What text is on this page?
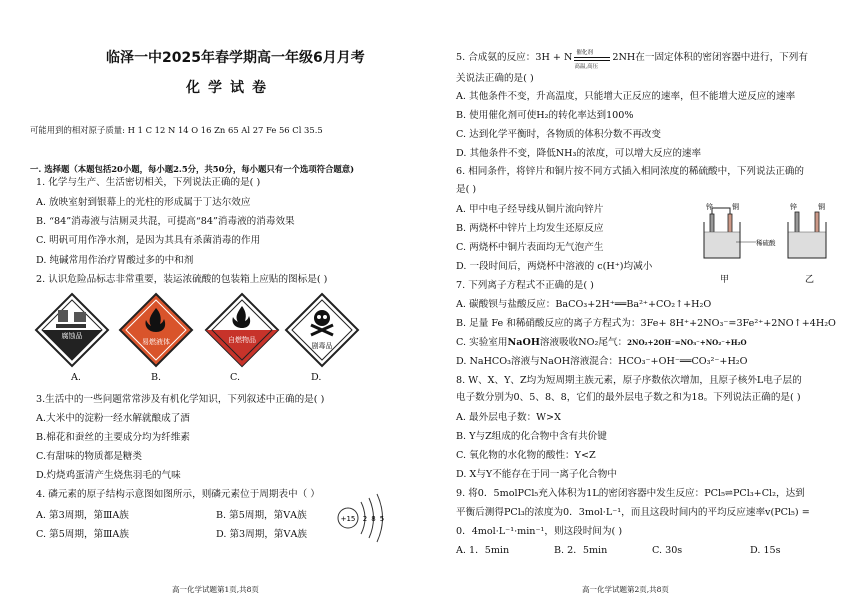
临泽一中2025年春学期高一年级6月月考
化学试卷
可能用到的相对原子质量: H 1 C 12 N 14 O 16 Zn 65 Al 27 Fe 56 Cl 35.5
一. 选择题（本题包括20小题，每小题2.5分，共50分，每小题只有一个选项符合题意)
1. 化学与生产、生活密切相关，下列说法正确的是( )
A. 放映室射到银幕上的光柱的形成属于丁达尔效应
B. “84”消毒液与洁厕灵共混，可提高“84”消毒液的消毒效果
C. 明矾可用作净水剂，是因为其具有杀菌消毒的作用
D. 纯碱常用作治疗胃酸过多的中和剂
2. 认识危险品标志非常重要，装运浓硫酸的包装箱上应贴的图标是( )
腐蚀品
易燃液体	自燃物品
剧毒品
A.	B.	C.	D.
3.生活中的一些问题常常涉及有机化学知识，下列叙述中正确的是( )
A.大米中的淀粉一经水解就酿成了酒
B.棉花和蚕丝的主要成分均为纤维素
C.有甜味的物质都是糖类
D.灼烧鸡蛋清产生烧焦羽毛的气味
4. 磷元素的原子结构示意图如图所示，则磷元素位于周期表中（ ）
A. 第3周期，第ⅢA族	B. 第5周期，第ⅤA族
C. 第5周期，第ⅢA族	D. 第3周期，第ⅤA族
+15 2 8 5
高一化学试题第1页,共8页
5. 合成氨的反应：3H + N 催化剂
高温,高压
2NH在一固定体积的密闭容器中进行，下列有
关说法正确的是( )
A. 其他条件不变，升高温度，只能增大正反应的速率，但不能增大逆反应的速率
B. 使用催化剂可使H₂的转化率达到100%
C. 达到化学平衡时，各物质的体积分数不再改变
D. 其他条件不变，降低NH₃的浓度，可以增大反应的速率
6. 相同条件，将锌片和铜片按不同方式插入相同浓度的稀硫酸中，下列说法正确的
是( )
A. 甲中电子经导线从铜片流向锌片
B. 两烧杯中锌片上均发生还原反应
C. 两烧杯中铜片表面均无气泡产生
D. 一段时间后，两烧杯中溶液的 c(H⁺)均减小
锌	铜
稀硫酸
锌	铜
甲	乙
7. 下列离子方程式不正确的是( )
A. 碳酸钡与盐酸反应：BaCO₃+2H⁺══Ba²⁺+CO₂↑+H₂O
B. 足量 Fe 和稀硝酸反应的离子方程式为：3Fe+ 8H⁺+2NO₃⁻=3Fe²⁺+2NO↑+4H₂O
C. 实验室用NaOH溶液吸收NO₂尾气：2NO₂+2OH⁻=NO₃⁻+NO₂⁻+H₂O
D. NaHCO₃溶液与NaOH溶液混合：HCO₃⁻+OH⁻══CO₃²⁻+H₂O
8. W、X、Y、Z均为短周期主族元素，原子序数依次增加，且原子核外L电子层的
电子数分别为0、5、8、8，它们的最外层电子数之和为18。下列说法正确的是( )
A. 最外层电子数：W>X
B. Y与Z组成的化合物中含有共价键
C. 氧化物的水化物的酸性：Y<Z
D. X与Y不能存在于同一离子化合物中
9. 将0．5molPCl₅充入体积为1L的密闭容器中发生反应：PCl₅⇌PCl₃+Cl₂，达到
平衡后测得PCl₃的浓度为0．3mol·L⁻¹，而且这段时间内的平均反应速率v(PCl₅) =
0．4mol·L⁻¹·min⁻¹，则这段时间为( )
A. 1．5min	B. 2．5min	C. 30s	D. 15s
高一化学试题第2页,共8页
